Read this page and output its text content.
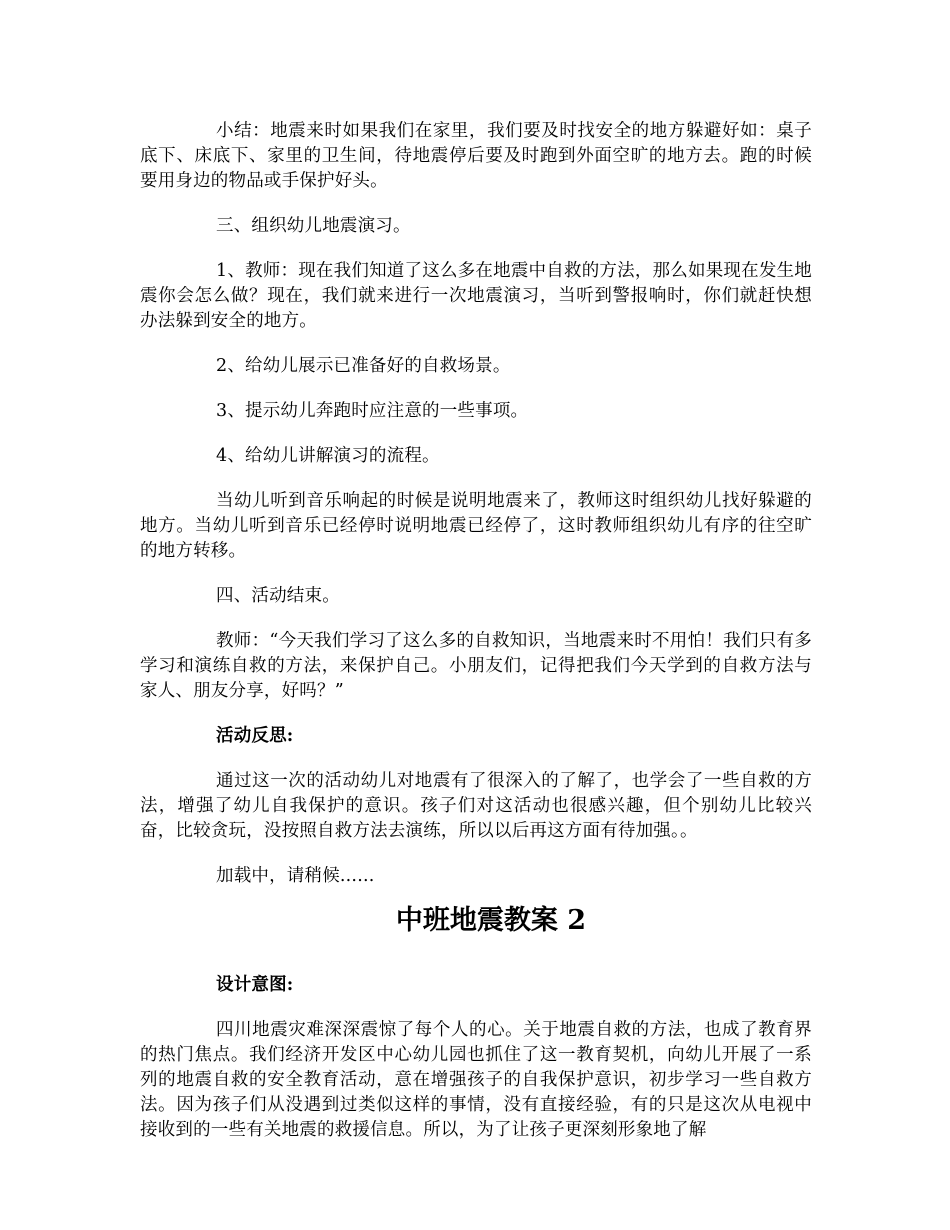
小结：地震来时如果我们在家里，我们要及时找安全的地方躲避好如：桌子底下、床底下、家里的卫生间，待地震停后要及时跑到外面空旷的地方去。跑的时候要用身边的物品或手保护好头。

三、组织幼儿地震演习。

1、教师：现在我们知道了这么多在地震中自救的方法，那么如果现在发生地震你会怎么做？现在，我们就来进行一次地震演习，当听到警报响时，你们就赶快想办法躲到安全的地方。

2、给幼儿展示已准备好的自救场景。

3、提示幼儿奔跑时应注意的一些事项。

4、给幼儿讲解演习的流程。

当幼儿听到音乐响起的时候是说明地震来了，教师这时组织幼儿找好躲避的地方。当幼儿听到音乐已经停时说明地震已经停了，这时教师组织幼儿有序的往空旷的地方转移。

四、活动结束。

教师：“今天我们学习了这么多的自救知识，当地震来时不用怕！我们只有多学习和演练自救的方法，来保护自己。小朋友们，记得把我们今天学到的自救方法与家人、朋友分享，好吗？”

活动反思:

通过这一次的活动幼儿对地震有了很深入的了解了，也学会了一些自救的方法，增强了幼儿自我保护的意识。孩子们对这活动也很感兴趣，但个别幼儿比较兴奋，比较贪玩，没按照自救方法去演练，所以以后再这方面有待加强。。

加载中，请稍候......

中班地震教案 2

设计意图:

四川地震灾难深深震惊了每个人的心。关于地震自救的方法，也成了教育界的热门焦点。我们经济开发区中心幼儿园也抓住了这一教育契机，向幼儿开展了一系列的地震自救的安全教育活动，意在增强孩子的自我保护意识，初步学习一些自救方法。因为孩子们从没遇到过类似这样的事情，没有直接经验，有的只是这次从电视中接收到的一些有关地震的救援信息。所以，为了让孩子更深刻形象地了解
